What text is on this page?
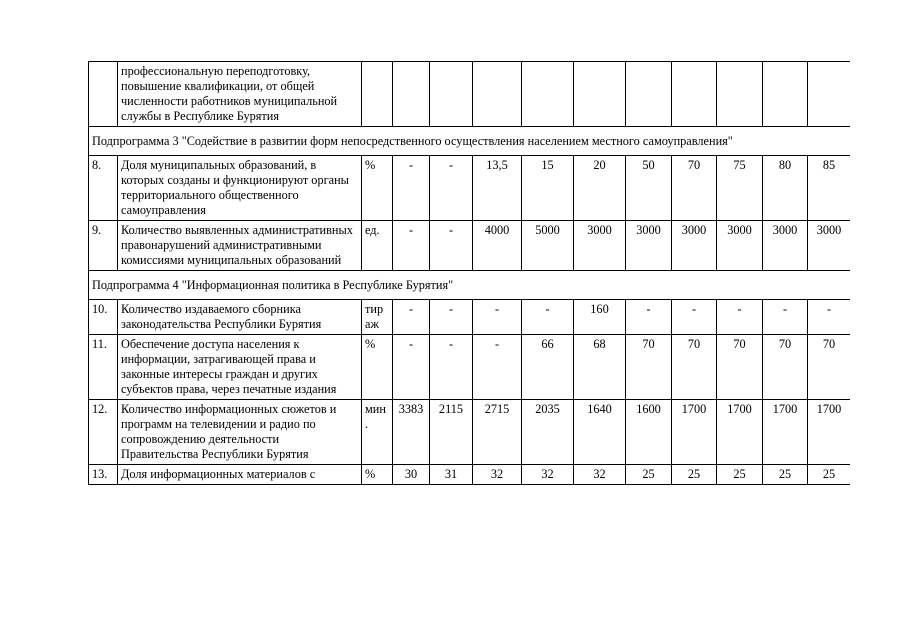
	профессиональную переподготовку, повышение квалификации, от общей численности работников муниципальной службы в Республике Бурятия											
Подпрограмма 3 "Содействие в развитии форм непосредственного осуществления населением местного самоуправления"												
8.	Доля муниципальных образований, в которых созданы и функционируют органы территориального общественного самоуправления	%	-	-	13,5	15	20	50	70	75	80	85
9.	Количество выявленных административных правонарушений административными комиссиями муниципальных образований	ед.	-	-	4000	5000	3000	3000	3000	3000	3000	3000
Подпрограмма 4 "Информационная политика в Республике Бурятия"												
10.	Количество издаваемого сборника законодательства Республики Бурятия	тир аж	-	-	-	-	160	-	-	-	-	-
11.	Обеспечение доступа населения к информации, затрагивающей права и законные интересы граждан и других субъектов права, через печатные издания	%	-	-	-	66	68	70	70	70	70	70
12.	Количество информационных сюжетов и программ на телевидении и радио по сопровождению деятельности Правительства Республики Бурятия	мин .	3383	2115	2715	2035	1640	1600	1700	1700	1700	1700
13.	Доля информационных материалов с	%	30	31	32	32	32	25	25	25	25	25
